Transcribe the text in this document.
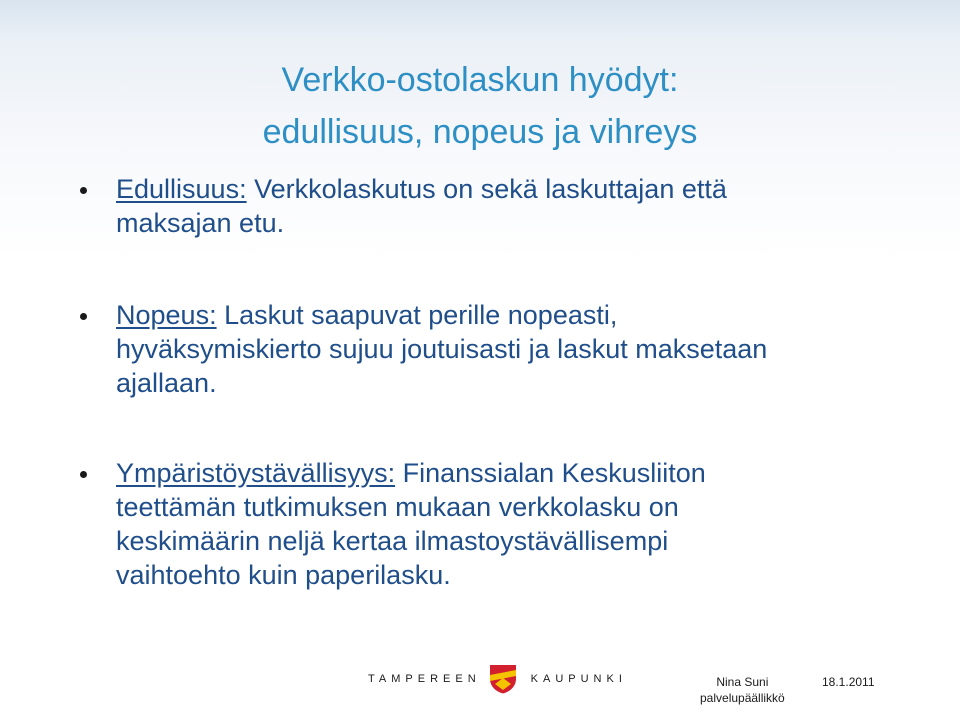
Verkko-ostolaskun hyödyt:
edullisuus, nopeus ja vihreys
Edullisuus: Verkkolaskutus on sekä laskuttajan että
maksajan etu.
Nopeus: Laskut saapuvat perille nopeasti,
hyväksymiskierto sujuu joutuisasti ja laskut maksetaan
ajallaan.
Ympäristöystävällisyys: Finanssialan Keskusliiton
teettämän tutkimuksen mukaan verkkolasku on
keskimäärin neljä kertaa ilmastoystävällisempi
vaihtoehto kuin paperilasku.
TAMPEREEN	KAUPUNKI	Nina Suni
palvelupäällikkö
18.1.2011
